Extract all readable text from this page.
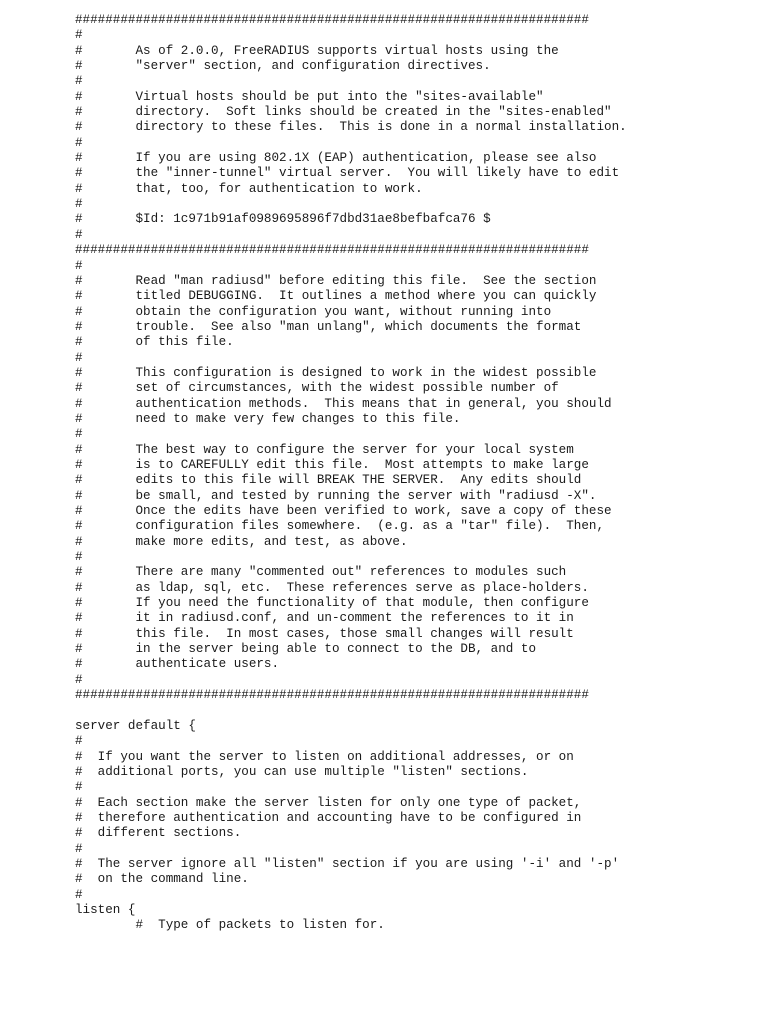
####################################################################
#
#       As of 2.0.0, FreeRADIUS supports virtual hosts using the
#       "server" section, and configuration directives.
#
#       Virtual hosts should be put into the "sites-available"
#       directory.  Soft links should be created in the "sites-enabled"
#       directory to these files.  This is done in a normal installation.
#
#       If you are using 802.1X (EAP) authentication, please see also
#       the "inner-tunnel" virtual server.  You will likely have to edit
#       that, too, for authentication to work.
#
#       $Id: 1c971b91af0989695896f7dbd31ae8befbafca76 $
#
####################################################################
#
#       Read "man radiusd" before editing this file.  See the section
#       titled DEBUGGING.  It outlines a method where you can quickly
#       obtain the configuration you want, without running into
#       trouble.  See also "man unlang", which documents the format
#       of this file.
#
#       This configuration is designed to work in the widest possible
#       set of circumstances, with the widest possible number of
#       authentication methods.  This means that in general, you should
#       need to make very few changes to this file.
#
#       The best way to configure the server for your local system
#       is to CAREFULLY edit this file.  Most attempts to make large
#       edits to this file will BREAK THE SERVER.  Any edits should
#       be small, and tested by running the server with "radiusd -X".
#       Once the edits have been verified to work, save a copy of these
#       configuration files somewhere.  (e.g. as a "tar" file).  Then,
#       make more edits, and test, as above.
#
#       There are many "commented out" references to modules such
#       as ldap, sql, etc.  These references serve as place-holders.
#       If you need the functionality of that module, then configure
#       it in radiusd.conf, and un-comment the references to it in
#       this file.  In most cases, those small changes will result
#       in the server being able to connect to the DB, and to
#       authenticate users.
#
####################################################################
server default {
#
#  If you want the server to listen on additional addresses, or on
#  additional ports, you can use multiple "listen" sections.
#
#  Each section make the server listen for only one type of packet,
#  therefore authentication and accounting have to be configured in
#  different sections.
#
#  The server ignore all "listen" section if you are using '-i' and '-p'
#  on the command line.
#
listen {
#  Type of packets to listen for.
